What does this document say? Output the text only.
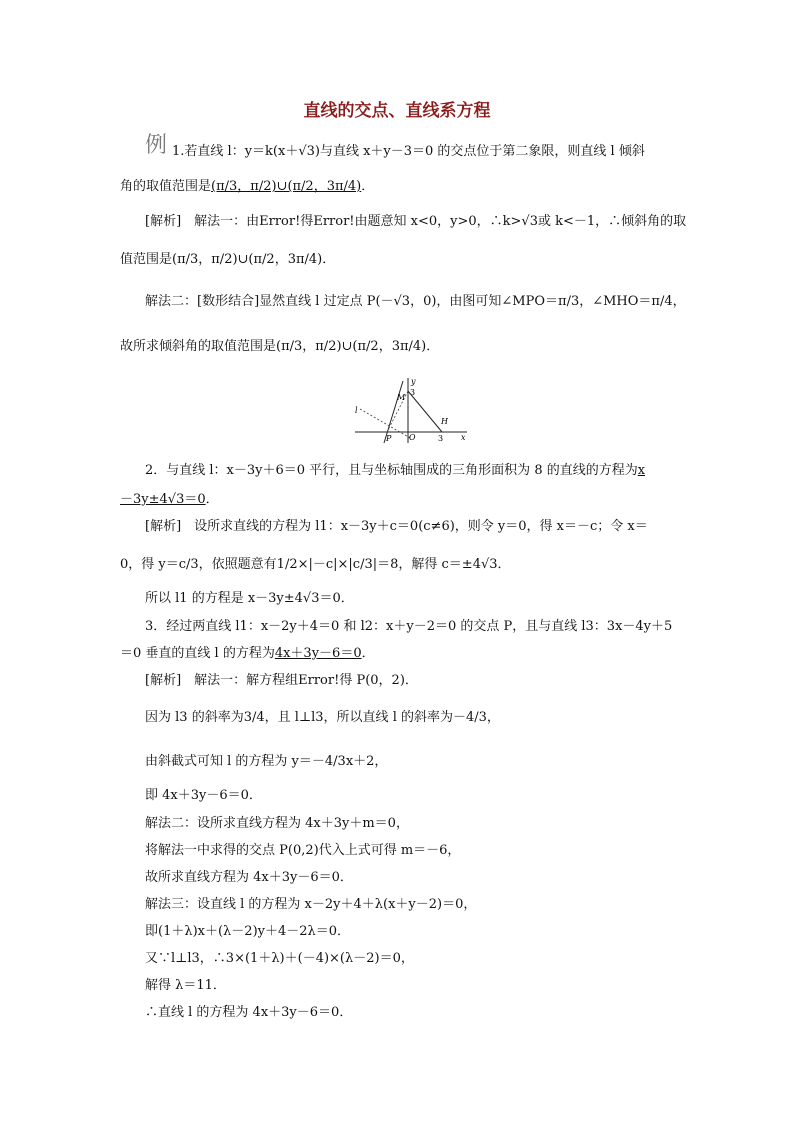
直线的交点、直线系方程
例 1.若直线 l：y＝k(x＋√3)与直线 x＋y－3＝0 的交点位于第二象限，则直线 l 倾斜
角的取值范围是(π/3，π/2)∪(π/2，3π/4)．
[解析]　解法一：由Error!得Error!由题意知 x<0，y>0，∴k>√3或 k<－1，∴倾斜角的取
值范围是(π/3，π/2)∪(π/2，3π/4)．
解法二：[数形结合]显然直线 l 过定点 P(－√3，0)，由图可知∠MPO＝π/3，∠MHO＝π/4，
故所求倾斜角的取值范围是(π/3，π/2)∪(π/2，3π/4)．
y
x
M
3
H
3
P O
l
2．与直线 l：x－3y＋6＝0 平行，且与坐标轴围成的三角形面积为 8 的直线的方程为x
－3y±4√3＝0．
[解析]　设所求直线的方程为 l1：x－3y＋c＝0(c≠6)，则令 y＝0，得 x＝－c；令 x＝
0，得 y＝c/3，依照题意有1/2×|－c|×|c/3|＝8，解得 c＝±4√3．
所以 l1 的方程是 x－3y±4√3＝0．
3．经过两直线 l1：x－2y＋4＝0 和 l2：x＋y－2＝0 的交点 P，且与直线 l3：3x－4y＋5
＝0 垂直的直线 l 的方程为4x＋3y－6＝0．
[解析]　解法一：解方程组Error!得 P(0，2)．
因为 l3 的斜率为3/4，且 l⊥l3，所以直线 l 的斜率为－4/3，
由斜截式可知 l 的方程为 y＝－4/3x＋2，
即 4x＋3y－6＝0．
解法二：设所求直线方程为 4x＋3y＋m＝0，
将解法一中求得的交点 P(0,2)代入上式可得 m＝－6，
故所求直线方程为 4x＋3y－6＝0．
解法三：设直线 l 的方程为 x－2y＋4＋λ(x＋y－2)＝0，
即(1＋λ)x＋(λ－2)y＋4－2λ＝0．
又∵l⊥l3，∴3×(1＋λ)＋(－4)×(λ－2)＝0，
解得 λ＝11．
∴直线 l 的方程为 4x＋3y－6＝0．
